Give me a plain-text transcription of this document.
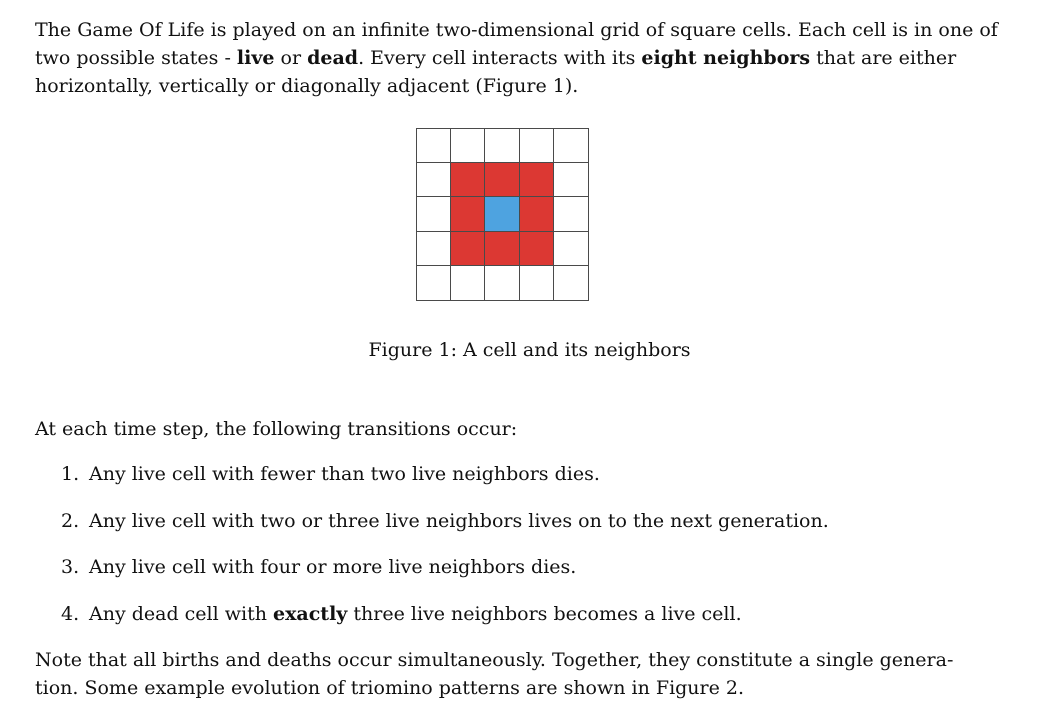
The Game Of Life is played on an infinite two-dimensional grid of square cells. Each cell is in one of two possible states - live or dead. Every cell interacts with its eight neighbors that are either horizontally, vertically or diagonally adjacent (Figure 1).

Figure 1: A cell and its neighbors

At each time step, the following transitions occur:

1. Any live cell with fewer than two live neighbors dies.
2. Any live cell with two or three live neighbors lives on to the next generation.
3. Any live cell with four or more live neighbors dies.
4. Any dead cell with exactly three live neighbors becomes a live cell.

Note that all births and deaths occur simultaneously. Together, they constitute a single genera-
tion. Some example evolution of triomino patterns are shown in Figure 2.
